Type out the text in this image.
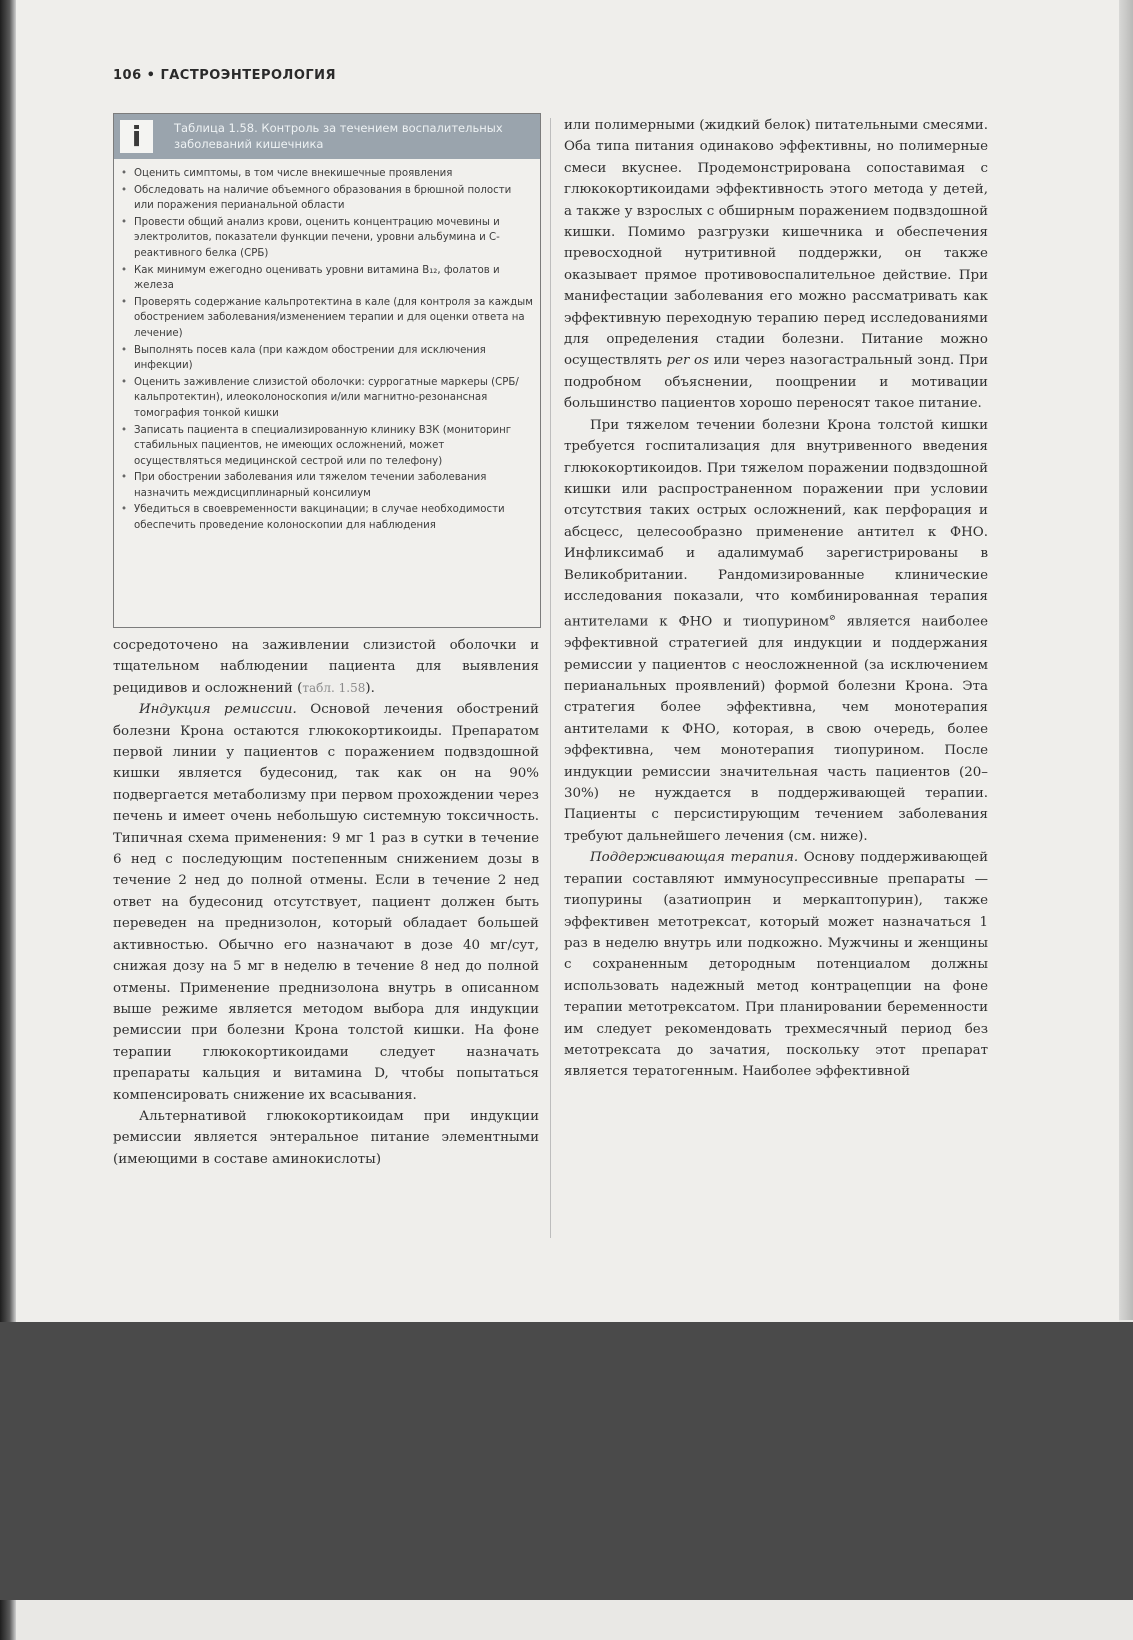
106 • ГАСТРОЭНТЕРОЛОГИЯ
i	Таблица 1.58. Контроль за течением воспалительных заболеваний кишечника
• Оценить симптомы, в том числе внекишечные проявления
• Обследовать на наличие объемного образования в брюшной полости или поражения перианальной области
• Провести общий анализ крови, оценить концентрацию мочевины и электролитов, показатели функции печени, уровни альбумина и С-реактивного белка (СРБ)
• Как минимум ежегодно оценивать уровни витамина B₁₂, фолатов и железа
• Проверять содержание кальпротектина в кале (для контроля за каждым обострением заболевания/изменением терапии и для оценки ответа на лечение)
• Выполнять посев кала (при каждом обострении для исключения инфекции)
• Оценить заживление слизистой оболочки: суррогатные маркеры (СРБ/кальпротектин), илеоколоноскопия и/или магнитно-резонансная томография тонкой кишки
• Записать пациента в специализированную клинику ВЗК (мониторинг стабильных пациентов, не имеющих осложнений, может осуществляться медицинской сестрой или по телефону)
• При обострении заболевания или тяжелом течении заболевания назначить междисциплинарный консилиум
• Убедиться в своевременности вакцинации; в случае необходимости обеспечить проведение колоноскопии для наблюдения

сосредоточено на заживлении слизистой оболочки и тщательном наблюдении пациента для выявления рецидивов и осложнений (табл. 1.58).

Индукция ремиссии. Основой лечения обострений болезни Крона остаются глюкокортикоиды. Препаратом первой линии у пациентов с поражением подвздошной кишки является будесонид, так как он на 90% подвергается метаболизму при первом прохождении через печень и имеет очень небольшую системную токсичность. Типичная схема применения: 9 мг 1 раз в сутки в течение 6 нед с последующим постепенным снижением дозы в течение 2 нед до полной отмены. Если в течение 2 нед ответ на будесонид отсутствует, пациент должен быть переведен на преднизолон, который обладает большей активностью. Обычно его назначают в дозе 40 мг/сут, снижая дозу на 5 мг в неделю в течение 8 нед до полной отмены. Применение преднизолона внутрь в описанном выше режиме является методом выбора для индукции ремиссии при болезни Крона толстой кишки. На фоне терапии глюкокортикоидами следует назначать препараты кальция и витамина D, чтобы попытаться компенсировать снижение их всасывания.

Альтернативой глюкокортикоидам при индукции ремиссии является энтеральное питание элементными (имеющими в составе аминокислоты)

или полимерными (жидкий белок) питательными смесями. Оба типа питания одинаково эффективны, но полимерные смеси вкуснее. Продемонстрирована сопоставимая с глюкокортикоидами эффективность этого метода у детей, а также у взрослых с обширным поражением подвздошной кишки. Помимо разгрузки кишечника и обеспечения превосходной нутритивной поддержки, он также оказывает прямое противовоспалительное действие. При манифестации заболевания его можно рассматривать как эффективную переходную терапию перед исследованиями для определения стадии болезни. Питание можно осуществлять per os или через назогастральный зонд. При подробном объяснении, поощрении и мотивации большинство пациентов хорошо переносят такое питание.

При тяжелом течении болезни Крона толстой кишки требуется госпитализация для внутривенного введения глюкокортикоидов. При тяжелом поражении подвздошной кишки или распространенном поражении при условии отсутствия таких острых осложнений, как перфорация и абсцесс, целесообразно применение антител к ФНО. Инфликсимаб и адалимумаб зарегистрированы в Великобритании. Рандомизированные клинические исследования показали, что комбинированная терапия антителами к ФНО и тиопурином⊘ является наиболее эффективной стратегией для индукции и поддержания ремиссии у пациентов с неосложненной (за исключением перианальных проявлений) формой болезни Крона. Эта стратегия более эффективна, чем монотерапия антителами к ФНО, которая, в свою очередь, более эффективна, чем монотерапия тиопурином. После индукции ремиссии значительная часть пациентов (20–30%) не нуждается в поддерживающей терапии. Пациенты с персистирующим течением заболевания требуют дальнейшего лечения (см. ниже).

Поддерживающая терапия. Основу поддерживающей терапии составляют иммуносупрессивные препараты — тиопурины (азатиоприн и меркаптопурин), также эффективен метотрексат, который может назначаться 1 раз в неделю внутрь или подкожно. Мужчины и женщины с сохраненным детородным потенциалом должны использовать надежный метод контрацепции на фоне терапии метотрексатом. При планировании беременности им следует рекомендовать трехмесячный период без метотрексата до зачатия, поскольку этот препарат является тератогенным. Наиболее эффективной
